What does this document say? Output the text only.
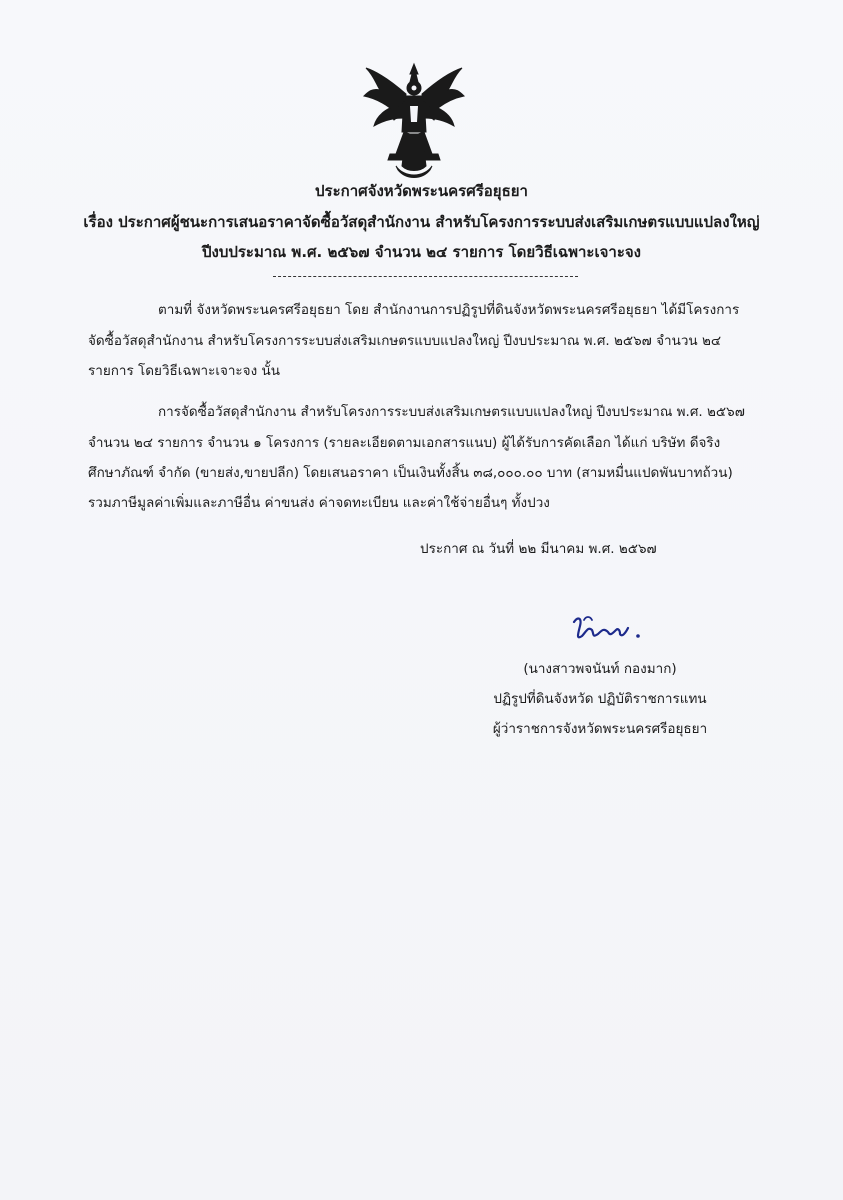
ประกาศจังหวัดพระนครศรีอยุธยา
เรื่อง ประกาศผู้ชนะการเสนอราคาจัดซื้อวัสดุสำนักงาน สำหรับโครงการระบบส่งเสริมเกษตรแบบแปลงใหญ่
ปีงบประมาณ พ.ศ. ๒๕๖๗ จำนวน ๒๔ รายการ โดยวิธีเฉพาะเจาะจง
ตามที่ จังหวัดพระนครศรีอยุธยา โดย สำนักงานการปฏิรูปที่ดินจังหวัดพระนครศรีอยุธยา ได้มีโครงการ
จัดซื้อวัสดุสำนักงาน สำหรับโครงการระบบส่งเสริมเกษตรแบบแปลงใหญ่ ปีงบประมาณ พ.ศ. ๒๕๖๗ จำนวน ๒๔
รายการ โดยวิธีเฉพาะเจาะจง นั้น
การจัดซื้อวัสดุสำนักงาน สำหรับโครงการระบบส่งเสริมเกษตรแบบแปลงใหญ่ ปีงบประมาณ พ.ศ. ๒๕๖๗
จำนวน ๒๔ รายการ จำนวน ๑ โครงการ (รายละเอียดตามเอกสารแนบ) ผู้ได้รับการคัดเลือก ได้แก่ บริษัท ดีจริง
ศึกษาภัณฑ์ จำกัด (ขายส่ง,ขายปลีก) โดยเสนอราคา เป็นเงินทั้งสิ้น ๓๘,๐๐๐.๐๐ บาท (สามหมื่นแปดพันบาทถ้วน)
รวมภาษีมูลค่าเพิ่มและภาษีอื่น ค่าขนส่ง ค่าจดทะเบียน และค่าใช้จ่ายอื่นๆ ทั้งปวง
ประกาศ ณ วันที่ ๒๒ มีนาคม พ.ศ. ๒๕๖๗
(นางสาวพจนันท์ กองมาก)
ปฏิรูปที่ดินจังหวัด ปฏิบัติราชการแทน
ผู้ว่าราชการจังหวัดพระนครศรีอยุธยา
